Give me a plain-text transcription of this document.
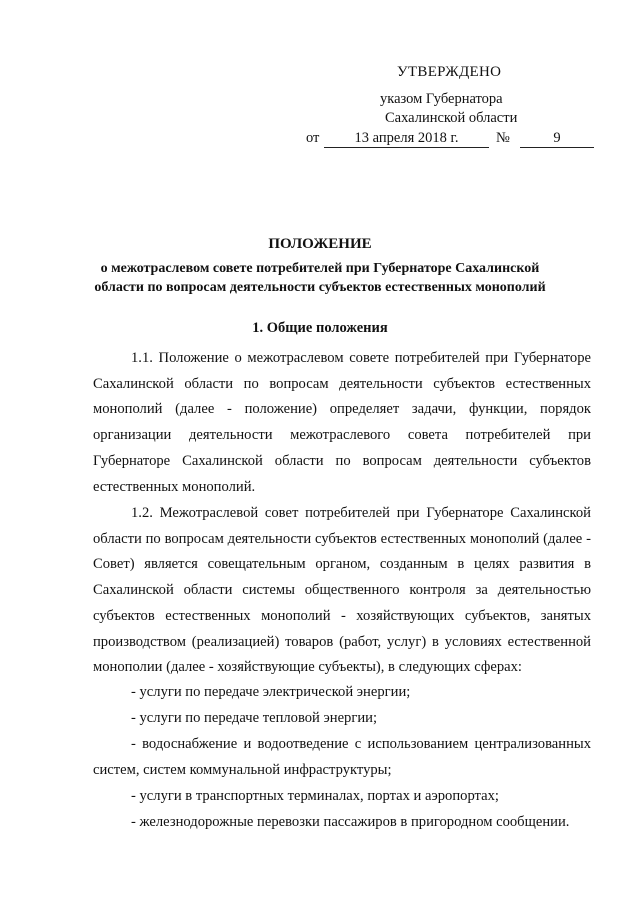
УТВЕРЖДЕНО
указом Губернатора
Сахалинской области
от	13 апреля 2018 г.	№	9
ПОЛОЖЕНИЕ
о межотраслевом совете потребителей при Губернаторе Сахалинской области по вопросам деятельности субъектов естественных монополий
1. Общие положения
1.1. Положение о межотраслевом совете потребителей при Губернаторе Сахалинской области по вопросам деятельности субъектов естественных монополий (далее - положение) определяет задачи, функции, порядок организации деятельности межотраслевого совета потребителей при Губернаторе Сахалинской области по вопросам деятельности субъектов естественных монополий.
1.2. Межотраслевой совет потребителей при Губернаторе Сахалинской области по вопросам деятельности субъектов естественных монополий (далее - Совет) является совещательным органом, созданным в целях развития в Сахалинской области системы общественного контроля за деятельностью субъектов естественных монополий - хозяйствующих субъектов, занятых производством (реализацией) товаров (работ, услуг) в условиях естественной монополии (далее - хозяйствующие субъекты), в следующих сферах:
- услуги по передаче электрической энергии;
- услуги по передаче тепловой энергии;
- водоснабжение и водоотведение с использованием централизованных систем, систем коммунальной инфраструктуры;
- услуги в транспортных терминалах, портах и аэропортах;
- железнодорожные перевозки пассажиров в пригородном сообщении.
